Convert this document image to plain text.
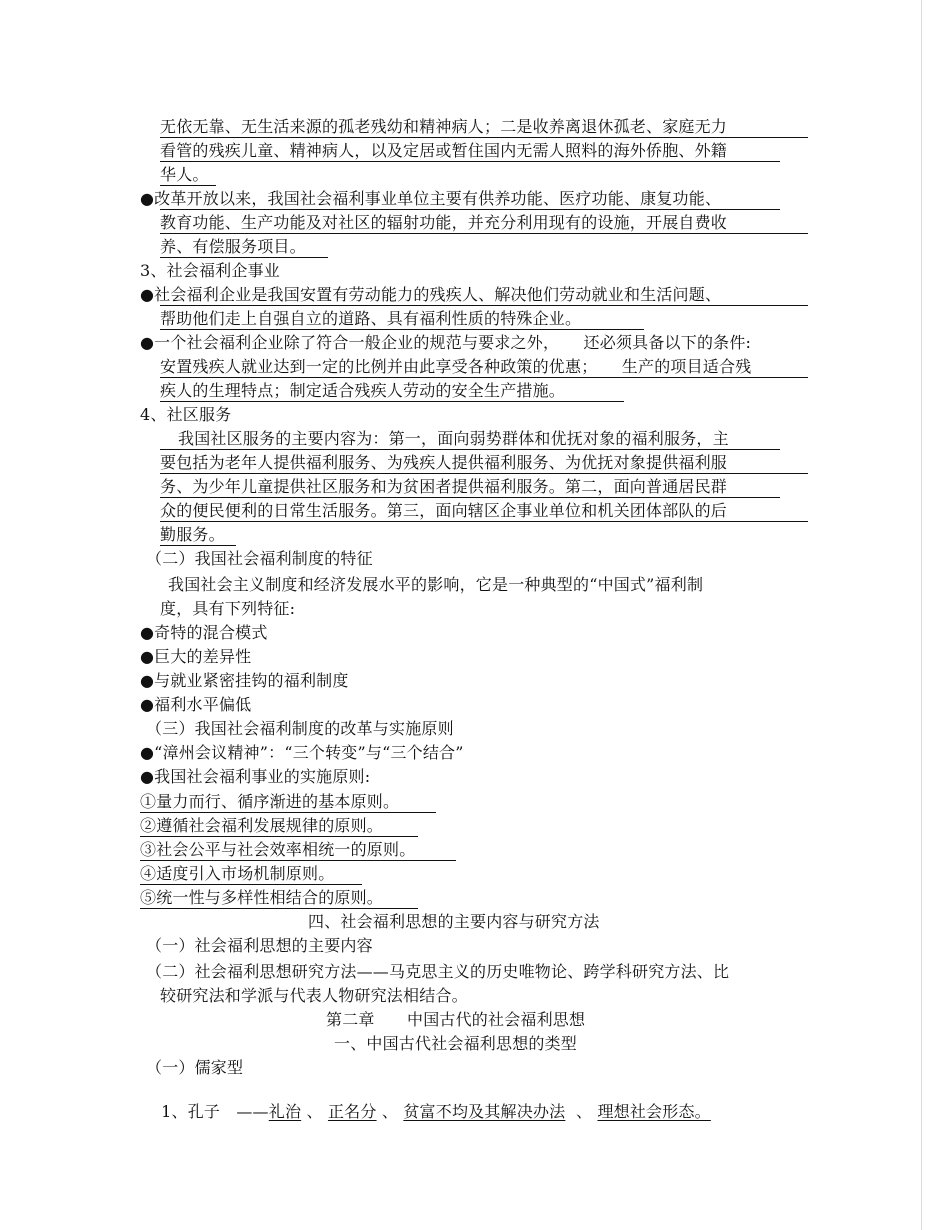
无依无靠、无生活来源的孤老残幼和精神病人；二是收养离退休孤老、家庭无力
看管的残疾儿童、精神病人，以及定居或暂住国内无需人照料的海外侨胞、外籍
华人。
●改革开放以来，我国社会福利事业单位主要有供养功能、医疗功能、康复功能、
教育功能、生产功能及对社区的辐射功能，并充分利用现有的设施，开展自费收
养、有偿服务项目。
3、社会福利企事业
●社会福利企业是我国安置有劳动能力的残疾人、解决他们劳动就业和生活问题、
帮助他们走上自强自立的道路、具有福利性质的特殊企业。
●一个社会福利企业除了符合一般企业的规范与要求之外，　　还必须具备以下的条件:
安置残疾人就业达到一定的比例并由此享受各种政策的优惠；　　生产的项目适合残
疾人的生理特点；制定适合残疾人劳动的安全生产措施。
4、社区服务
我国社区服务的主要内容为：第一，面向弱势群体和优抚对象的福利服务，主
要包括为老年人提供福利服务、为残疾人提供福利服务、为优抚对象提供福利服
务、为少年儿童提供社区服务和为贫困者提供福利服务。第二，面向普通居民群
众的便民便利的日常生活服务。第三，面向辖区企事业单位和机关团体部队的后
勤服务。
（二）我国社会福利制度的特征
我国社会主义制度和经济发展水平的影响，它是一种典型的“中国式”福利制
度，具有下列特征:
●奇特的混合模式
●巨大的差异性
●与就业紧密挂钩的福利制度
●福利水平偏低
（三）我国社会福利制度的改革与实施原则
●“漳州会议精神”：“三个转变”与“三个结合”
●我国社会福利事业的实施原则:
①量力而行、循序渐进的基本原则。
②遵循社会福利发展规律的原则。
③社会公平与社会效率相统一的原则。
④适度引入市场机制原则。
⑤统一性与多样性相结合的原则。
四、社会福利思想的主要内容与研究方法
（一）社会福利思想的主要内容
（二）社会福利思想研究方法——马克思主义的历史唯物论、跨学科研究方法、比
较研究法和学派与代表人物研究法相结合。
第二章　　中国古代的社会福利思想
一、中国古代社会福利思想的类型
（一）儒家型

1、孔子　——礼治 、 正名分 、 贫富不均及其解决办法 、 理想社会形态。
